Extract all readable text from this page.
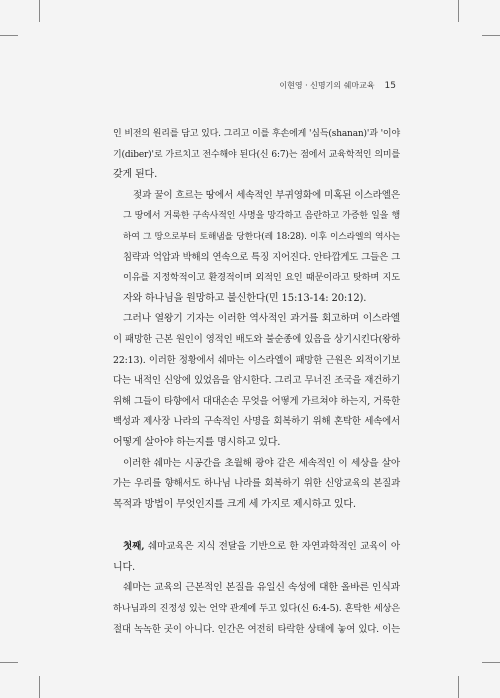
이현영 · 신명기의 쉐마교육 15

인 비전의 원리를 담고 있다. 그리고 이를 후손에게 '심득(shanan)'과 '이야
기(diber)'로 가르치고 전수해야 된다(신 6:7)는 점에서 교육학적인 의미를
갖게 된다.

젖과 꿀이 흐르는 땅에서 세속적인 부귀영화에 미혹된 이스라엘은
그 땅에서 거룩한 구속사적인 사명을 망각하고 음란하고 가증한 일을 행
하여 그 땅으로부터 토해냄을 당한다(레 18:28). 이후 이스라엘의 역사는
침략과 억압과 박해의 연속으로 특징 지어진다. 안타깝게도 그들은 그
이유를 지정학적이고 환경적이며 외적인 요인 때문이라고 탓하며 지도
자와 하나님을 원망하고 불신한다(민 15:13-14: 20:12).

그러나 열왕기 기자는 이러한 역사적인 과거를 회고하며 이스라엘
이 패망한 근본 원인이 영적인 배도와 불순종에 있음을 상기시킨다(왕하
22:13). 이러한 정황에서 쉐마는 이스라엘이 패망한 근원은 외적이기보
다는 내적인 신앙에 있었음을 암시한다. 그리고 무너진 조국을 재건하기
위해 그들이 타향에서 대대손손 무엇을 어떻게 가르쳐야 하는지, 거룩한
백성과 제사장 나라의 구속적인 사명을 회복하기 위해 혼탁한 세속에서
어떻게 살아야 하는지를 명시하고 있다.

이러한 쉐마는 시공간을 초월해 광야 같은 세속적인 이 세상을 살아
가는 우리를 향해서도 하나님 나라를 회복하기 위한 신앙교육의 본질과
목적과 방법이 무엇인지를 크게 세 가지로 제시하고 있다.

첫째, 쉐마교육은 지식 전달을 기반으로 한 자연과학적인 교육이 아
니다.

쉐마는 교육의 근본적인 본질을 유일신 속성에 대한 올바른 인식과
하나님과의 진정성 있는 언약 관계에 두고 있다(신 6:4-5). 혼탁한 세상은
절대 녹녹한 곳이 아니다. 인간은 여전히 타락한 상태에 놓여 있다. 이는
